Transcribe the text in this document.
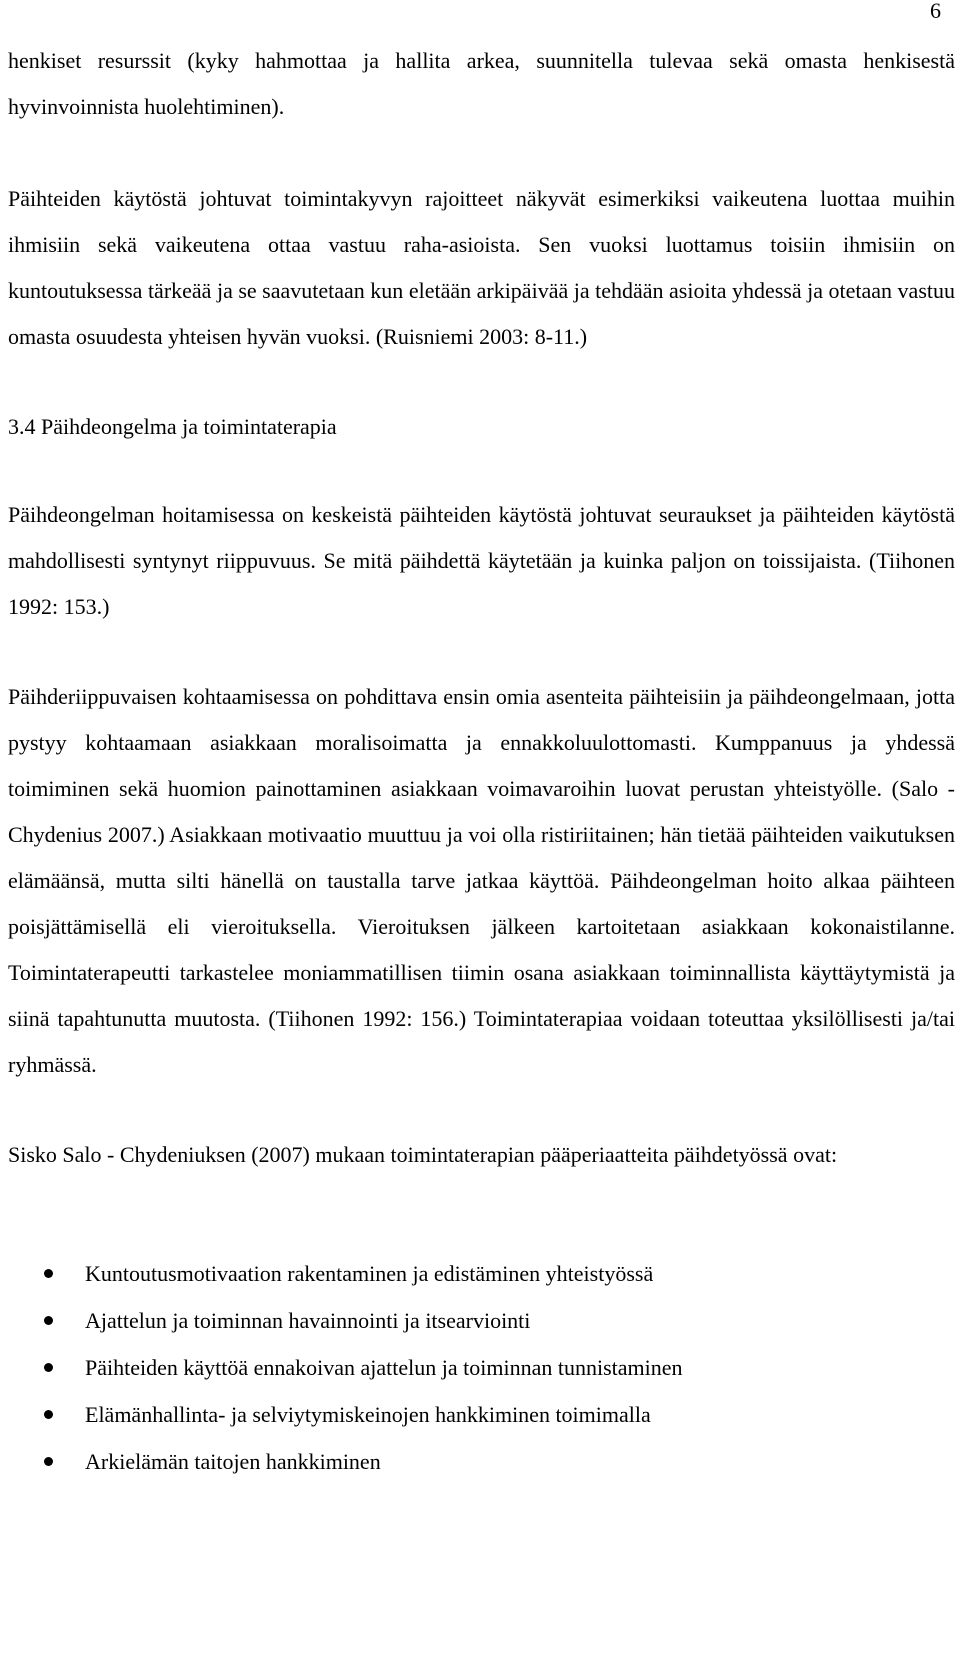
6

henkiset resurssit (kyky hahmottaa ja hallita arkea, suunnitella tulevaa sekä omasta henkisestä hyvinvoinnista huolehtiminen).

Päihteiden käytöstä johtuvat toimintakyvyn rajoitteet näkyvät esimerkiksi vaikeutena luottaa muihin ihmisiin sekä vaikeutena ottaa vastuu raha-asioista. Sen vuoksi luottamus toisiin ihmisiin on kuntoutuksessa tärkeää ja se saavutetaan kun eletään arkipäivää ja tehdään asioita yhdessä ja otetaan vastuu omasta osuudesta yhteisen hyvän vuoksi. (Ruisniemi 2003: 8-11.)

3.4 Päihdeongelma ja toimintaterapia

Päihdeongelman hoitamisessa on keskeistä päihteiden käytöstä johtuvat seuraukset ja päihteiden käytöstä mahdollisesti syntynyt riippuvuus. Se mitä päihdettä käytetään ja kuinka paljon on toissijaista. (Tiihonen 1992: 153.)

Päihderiippuvaisen kohtaamisessa on pohdittava ensin omia asenteita päihteisiin ja päihdeongelmaan, jotta pystyy kohtaamaan asiakkaan moralisoimatta ja ennakkoluulottomasti. Kumppanuus ja yhdessä toimiminen sekä huomion painottaminen asiakkaan voimavaroihin luovat perustan yhteistyölle. (Salo - Chydenius 2007.) Asiakkaan motivaatio muuttuu ja voi olla ristiriitainen; hän tietää päihteiden vaikutuksen elämäänsä, mutta silti hänellä on taustalla tarve jatkaa käyttöä. Päihdeongelman hoito alkaa päihteen poisjättämisellä eli vieroituksella. Vieroituksen jälkeen kartoitetaan asiakkaan kokonaistilanne. Toimintaterapeutti tarkastelee moniammatillisen tiimin osana asiakkaan toiminnallista käyttäytymistä ja siinä tapahtunutta muutosta. (Tiihonen 1992: 156.) Toimintaterapiaa voidaan toteuttaa yksilöllisesti ja/tai ryhmässä.

Sisko Salo - Chydeniuksen (2007) mukaan toimintaterapian pääperiaatteita päihdetyössä ovat:

Kuntoutusmotivaation rakentaminen ja edistäminen yhteistyössä
Ajattelun ja toiminnan havainnointi ja itsearviointi
Päihteiden käyttöä ennakoivan ajattelun ja toiminnan tunnistaminen
Elämänhallinta- ja selviytymiskeinojen hankkiminen toimimalla
Arkielämän taitojen hankkiminen
